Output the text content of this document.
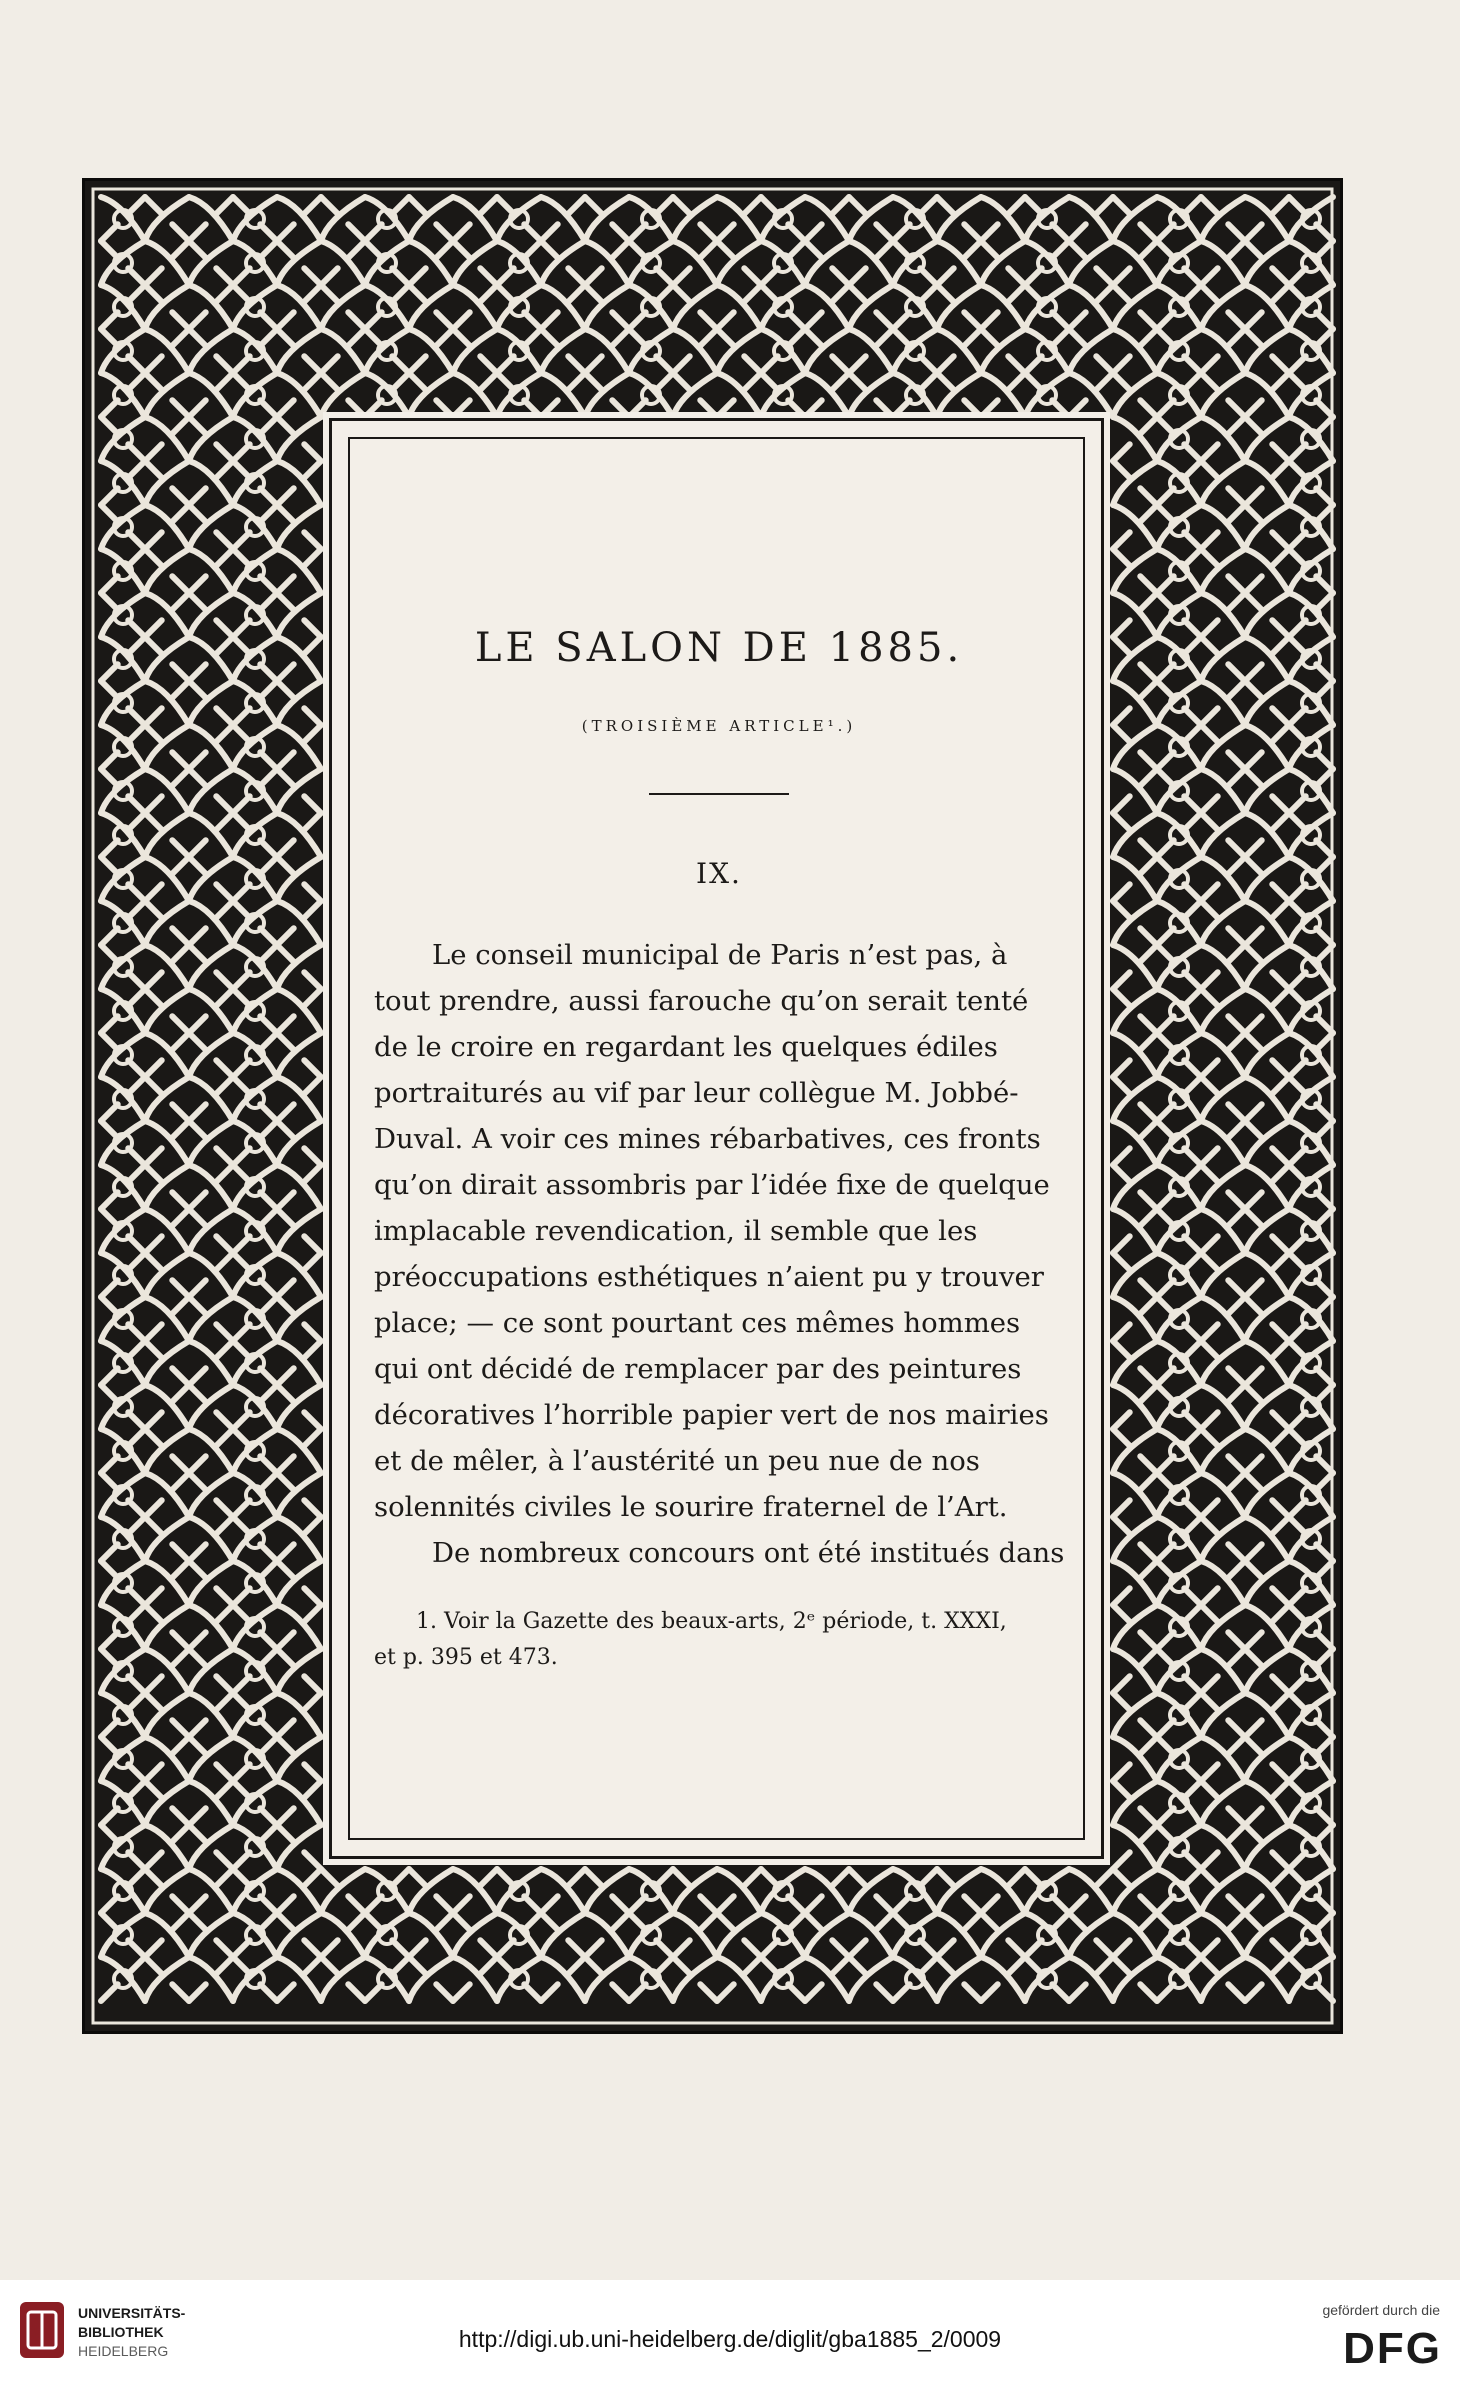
LE SALON DE 1885.
(TROISIÈME ARTICLE¹.)
IX.
Le conseil municipal de Paris n’est pas, à
tout prendre, aussi farouche qu’on serait tenté
de le croire en regardant les quelques édiles
portraiturés au vif par leur collègue M. Jobbé-
Duval. A voir ces mines rébarbatives, ces fronts
qu’on dirait assombris par l’idée fixe de quelque
implacable revendication, il semble que les
préoccupations esthétiques n’aient pu y trouver
place; — ce sont pourtant ces mêmes hommes
qui ont décidé de remplacer par des peintures
décoratives l’horrible papier vert de nos mairies
et de mêler, à l’austérité un peu nue de nos
solennités civiles le sourire fraternel de l’Art.
De nombreux concours ont été institués dans
1. Voir la Gazette des beaux-arts, 2ᵉ période, t. XXXI,
et p. 395 et 473.
UNIVERSITÄTS-
BIBLIOTHEK
HEIDELBERG	http://digi.ub.uni-heidelberg.de/diglit/gba1885_2/0009
gefördert durch die
DFG
